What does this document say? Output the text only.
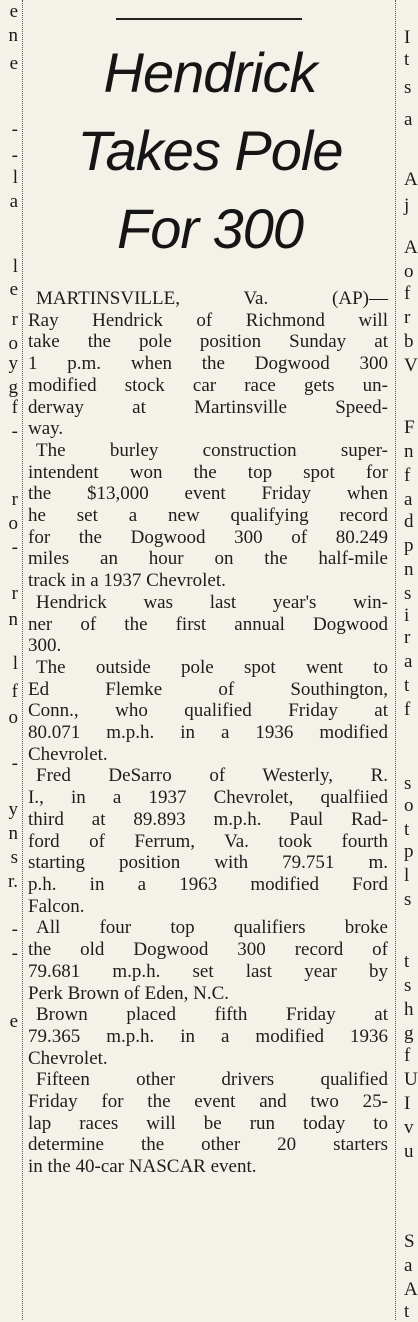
e
n
e
-
-
l
a
l
e
r
o
y
g
f
-
r
o
-
r
n
l
f
o
-
y
n
s
r.
-
-
e
Hendrick
Takes Pole
For 300

MARTINSVILLE, Va. (AP)—
Ray Hendrick of Richmond will
take the pole position Sunday at
1 p.m. when the Dogwood 300
modified stock car race gets un-
derway at Martinsville Speed-
way.

The burley construction super-
intendent won the top spot for
the $13,000 event Friday when
he set a new qualifying record
for the Dogwood 300 of 80.249
miles an hour on the half-mile
track in a 1937 Chevrolet.

Hendrick was last year's win-
ner of the first annual Dogwood
300.

The outside pole spot went to
Ed Flemke of Southington,
Conn., who qualified Friday at
80.071 m.p.h. in a 1936 modified
Chevrolet.

Fred DeSarro of Westerly, R.
I., in a 1937 Chevrolet, qualfiied
third at 89.893 m.p.h. Paul Rad-
ford of Ferrum, Va. took fourth
starting position with 79.751 m.
p.h. in a 1963 modified Ford
Falcon.

All four top qualifiers broke
the old Dogwood 300 record of
79.681 m.p.h. set last year by
Perk Brown of Eden, N.C.

Brown placed fifth Friday at
79.365 m.p.h. in a modified 1936
Chevrolet.

Fifteen other drivers qualified
Friday for the event and two 25-
lap races will be run today to
determine the other 20 starters
in the 40-car NASCAR event.

I
t
s
a
A
j
A
o
f
r
b
V
F
n
f
a
d
p
n
s
i
r
a
t
f
s
o
t
p
l
s
t
s
h
g
f
U
I
v
u
S
a
A
t
